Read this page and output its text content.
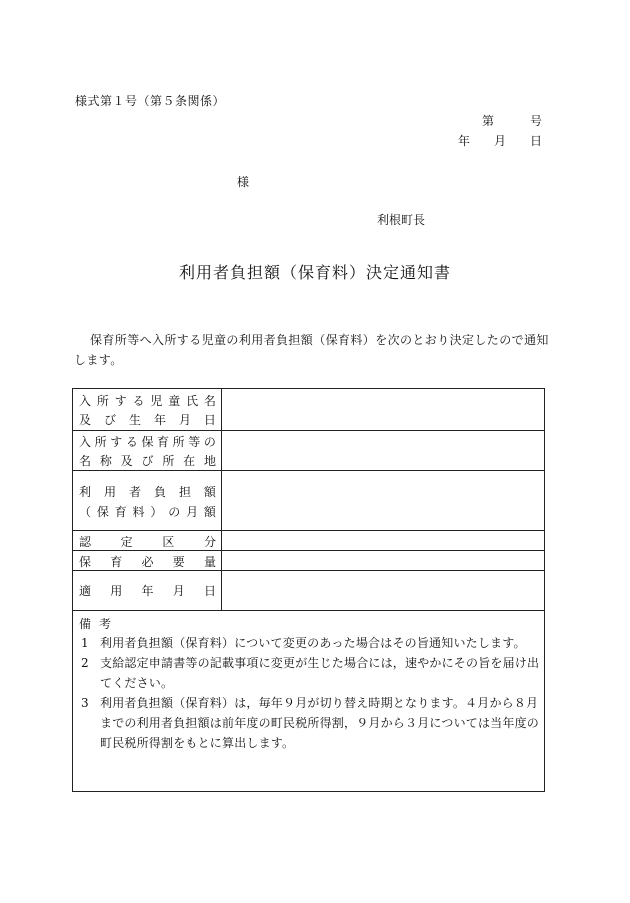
様式第１号（第５条関係）
第	号
年 月 日
様
利根町長
利用者負担額（保育料）決定通知書
保育所等へ入所する児童の利用者負担額（保育料）を次のとおり決定したので通知します。
入 所 す る 児 童 氏 名
及 び 生 年 月 日
入 所 す る 保 育 所 等 の
名 称 及 び 所 在 地
利 用 者 負 担 額
（ 保 育 料 ） の 月 額
認 定 区 分
保 育 必 要 量
適 用 年 月 日
備考
1 利用者負担額（保育料）について変更のあった場合はその旨通知いたします。
2 支給認定申請書等の記載事項に変更が生じた場合には，速やかにその旨を届け出てください。
3 利用者負担額（保育料）は，毎年９月が切り替え時期となります。４月から８月までの利用者負担額は前年度の町民税所得割，９月から３月については当年度の町民税所得割をもとに算出します。
